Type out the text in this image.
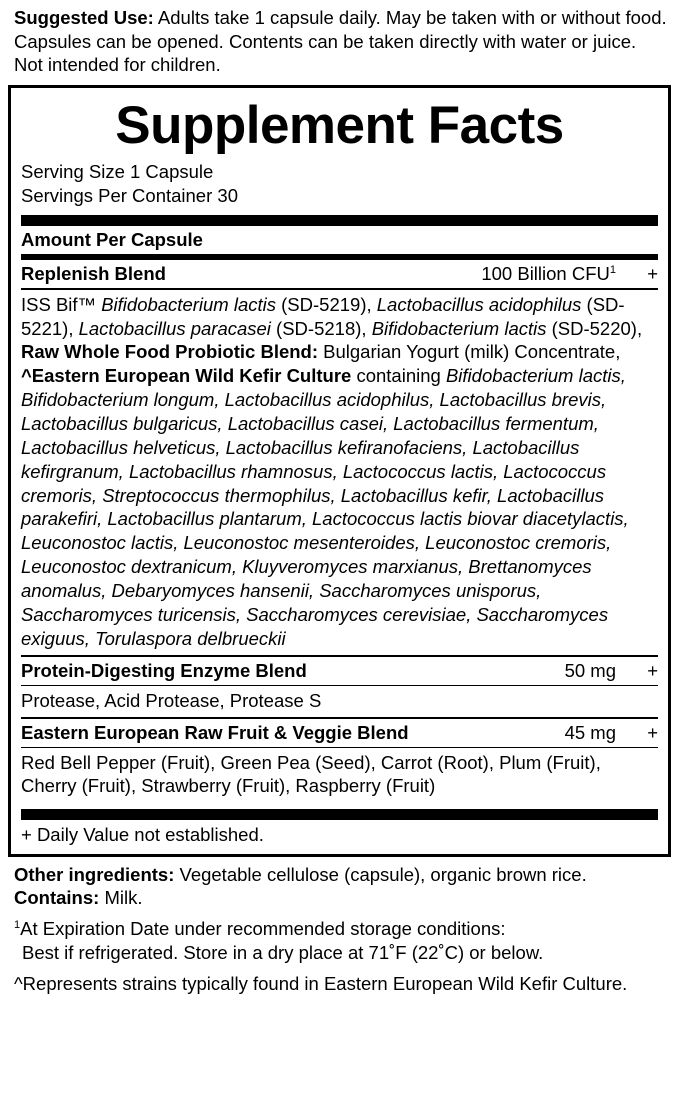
Suggested Use: Adults take 1 capsule daily. May be taken with or without food. Capsules can be opened. Contents can be taken directly with water or juice. Not intended for children.
Supplement Facts
Serving Size 1 Capsule
Servings Per Container 30
Amount Per Capsule
Replenish Blend	100 Billion $CFU^1$	+
ISS Bif™ Bifidobacterium lactis (SD-5219), Lactobacillus acidophilus (SD-5221), Lactobacillus paracasei (SD-5218), Bifidobacterium lactis (SD-5220), Raw Whole Food Probiotic Blend: Bulgarian Yogurt (milk) Concentrate, ^Eastern European Wild Kefir Culture containing Bifidobacterium lactis, Bifidobacterium longum, Lactobacillus acidophilus, Lactobacillus brevis, Lactobacillus bulgaricus, Lactobacillus casei, Lactobacillus fermentum, Lactobacillus helveticus, Lactobacillus kefiranofaciens, Lactobacillus kefirgranum, Lactobacillus rhamnosus, Lactococcus lactis, Lactococcus cremoris, Streptococcus thermophilus, Lactobacillus kefir, Lactobacillus parakefiri, Lactobacillus plantarum, Lactococcus lactis biovar diacetylactis, Leuconostoc lactis, Leuconostoc mesenteroides, Leuconostoc cremoris, Leuconostoc dextranicum, Kluyveromyces marxianus, Brettanomyces anomalus, Debaryomyces hansenii, Saccharomyces unisporus, Saccharomyces turicensis, Saccharomyces cerevisiae, Saccharomyces exiguus, Torulaspora delbrueckii
Protein-Digesting Enzyme Blend	50 mg	+
Protease, Acid Protease, Protease S
Eastern European Raw Fruit & Veggie Blend	45 mg	+
Red Bell Pepper (Fruit), Green Pea (Seed), Carrot (Root), Plum (Fruit), Cherry (Fruit), Strawberry (Fruit), Raspberry (Fruit)
+ Daily Value not established.
Other ingredients: Vegetable cellulose (capsule), organic brown rice.
Contains: Milk.
$^1$At Expiration Date under recommended storage conditions:
Best if refrigerated. Store in a dry place at 71˚F (22˚C) or below.
^Represents strains typically found in Eastern European Wild Kefir Culture.
